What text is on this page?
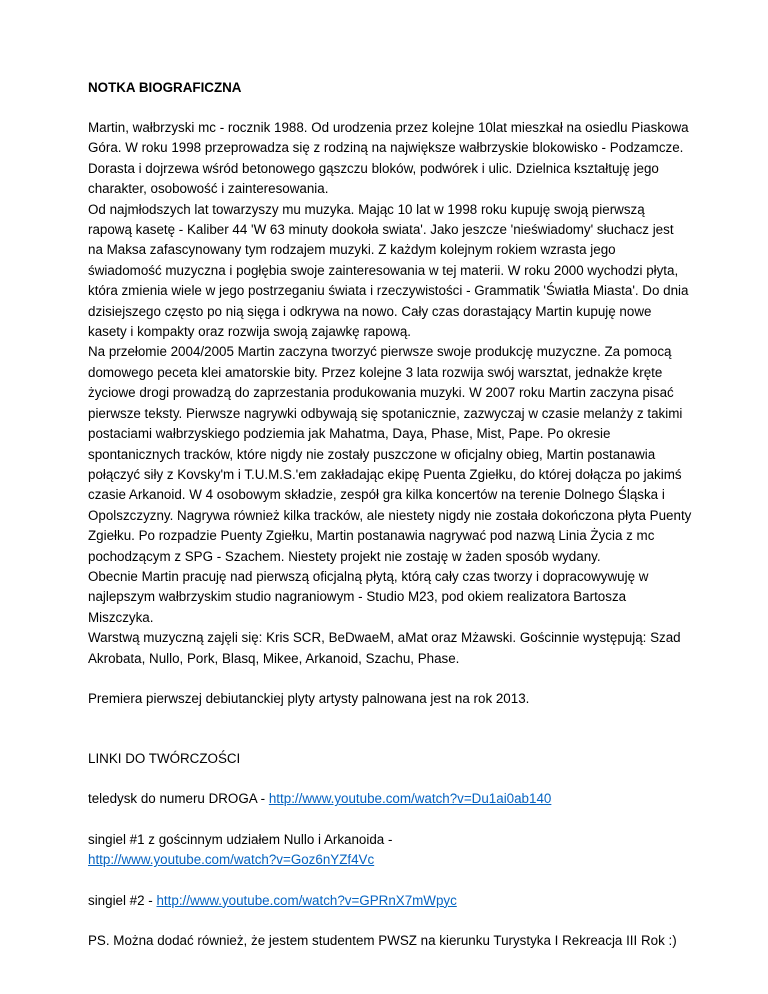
NOTKA BIOGRAFICZNA

Martin, wałbrzyski mc - rocznik 1988. Od urodzenia przez kolejne 10lat mieszkał na osiedlu Piaskowa Góra. W roku 1998 przeprowadza się z rodziną na największe wałbrzyskie blokowisko - Podzamcze. Dorasta i dojrzewa wśród betonowego gąszczu bloków, podwórek i ulic. Dzielnica kształtuję jego charakter, osobowość i zainteresowania.

Od najmłodszych lat towarzyszy mu muzyka. Mając 10 lat w 1998 roku kupuję swoją pierwszą rapową kasetę - Kaliber 44 'W 63 minuty dookoła swiata'. Jako jeszcze 'nieświadomy' słuchacz jest na Maksa zafascynowany tym rodzajem muzyki. Z każdym kolejnym rokiem wzrasta jego świadomość muzyczna i pogłębia swoje zainteresowania w tej materii. W roku 2000 wychodzi płyta, która zmienia wiele w jego postrzeganiu świata i rzeczywistości - Grammatik 'Światła Miasta'. Do dnia dzisiejszego często po nią sięga i odkrywa na nowo. Cały czas dorastający Martin kupuję nowe kasety i kompakty oraz rozwija swoją zajawkę rapową.

Na przełomie 2004/2005 Martin zaczyna tworzyć pierwsze swoje produkcję muzyczne. Za pomocą domowego peceta klei amatorskie bity. Przez kolejne 3 lata rozwija swój warsztat, jednakże kręte życiowe drogi prowadzą do zaprzestania produkowania muzyki. W 2007 roku Martin zaczyna pisać pierwsze teksty. Pierwsze nagrywki odbywają się spotanicznie, zazwyczaj w czasie melanży z takimi postaciami wałbrzyskiego podziemia jak Mahatma, Daya, Phase, Mist, Pape. Po okresie spontanicznych tracków, które nigdy nie zostały puszczone w oficjalny obieg, Martin postanawia połączyć siły z Kovsky'm i T.U.M.S.'em zakładając ekipę Puenta Zgiełku, do której dołącza po jakimś czasie Arkanoid. W 4 osobowym składzie, zespół gra kilka koncertów na terenie Dolnego Śląska i Opolszczyzny. Nagrywa również kilka tracków, ale niestety nigdy nie została dokończona płyta Puenty Zgiełku. Po rozpadzie Puenty Zgiełku, Martin postanawia nagrywać pod nazwą Linia Życia z mc pochodzącym z SPG - Szachem. Niestety projekt nie zostaję w żaden sposób wydany.

Obecnie Martin pracuję nad pierwszą oficjalną płytą, którą cały czas tworzy i dopracowywuję w najlepszym wałbrzyskim studio nagraniowym - Studio M23, pod okiem realizatora Bartosza Miszczyka.

Warstwą muzyczną zajęli się: Kris SCR, BeDwaeM, aMat oraz Mżawski. Gościnnie występują: Szad Akrobata, Nullo, Pork, Blasq, Mikee, Arkanoid, Szachu, Phase.

Premiera pierwszej debiutanckiej plyty artysty palnowana jest na rok 2013.

LINKI DO TWÓRCZOŚCI

teledysk do numeru DROGA - http://www.youtube.com/watch?v=Du1ai0ab140

singiel #1 z gościnnym udziałem Nullo i Arkanoida -
http://www.youtube.com/watch?v=Goz6nYZf4Vc

singiel #2 - http://www.youtube.com/watch?v=GPRnX7mWpyc

PS. Można dodać również, że jestem studentem PWSZ na kierunku Turystyka I Rekreacja III Rok :)
